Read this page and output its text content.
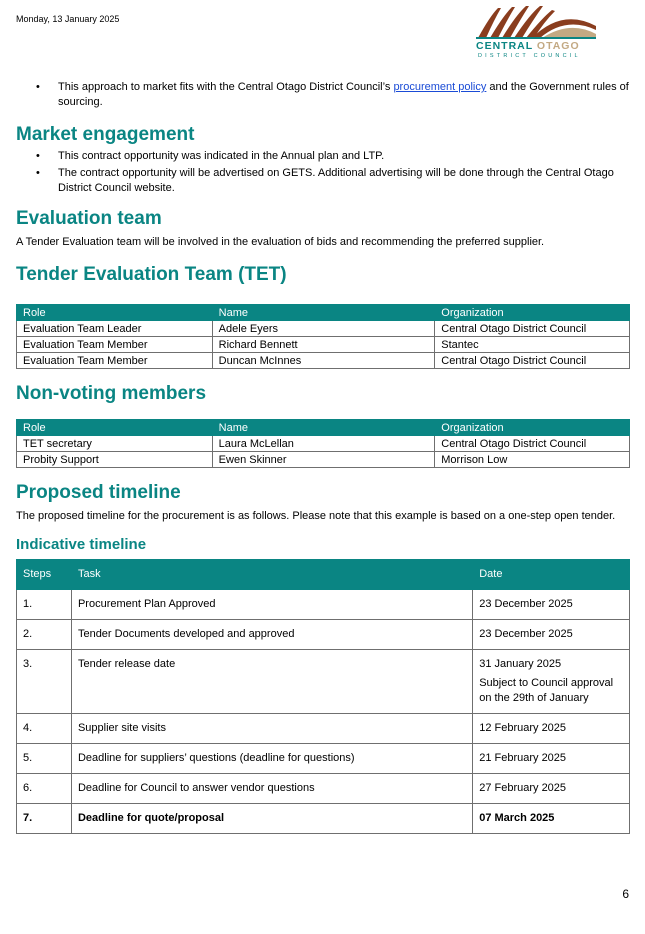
Monday, 13 January 2025
CENTRAL OTAGO
DISTRICT COUNCIL
• This approach to market fits with the Central Otago District Council’s procurement policy and the Government rules of sourcing.
Market engagement
• This contract opportunity was indicated in the Annual plan and LTP.
• The contract opportunity will be advertised on GETS. Additional advertising will be done through the Central Otago District Council website.
Evaluation team

A Tender Evaluation team will be involved in the evaluation of bids and recommending the preferred supplier.

Tender Evaluation Team (TET)
Role	Name	Organization
Evaluation Team Leader	Adele Eyers	Central Otago District Council
Evaluation Team Member	Richard Bennett	Stantec
Evaluation Team Member	Duncan McInnes	Central Otago District Council
Non-voting members
Role	Name	Organization
TET secretary	Laura McLellan	Central Otago District Council
Probity Support	Ewen Skinner	Morrison Low
Proposed timeline

The proposed timeline for the procurement is as follows. Please note that this example is based on a one-step open tender.

Indicative timeline
Steps	Task	Date
1.	Procurement Plan Approved	23 December 2025
2.	Tender Documents developed and approved	23 December 2025
3.	Tender release date	31 January 2025
Subject to Council approval on the 29th of January

4.	Supplier site visits	12 February 2025
5.	Deadline for suppliers’ questions (deadline for questions)	21 February 2025
6.	Deadline for Council to answer vendor questions	27 February 2025
7.	Deadline for quote/proposal	07 March 2025
6
